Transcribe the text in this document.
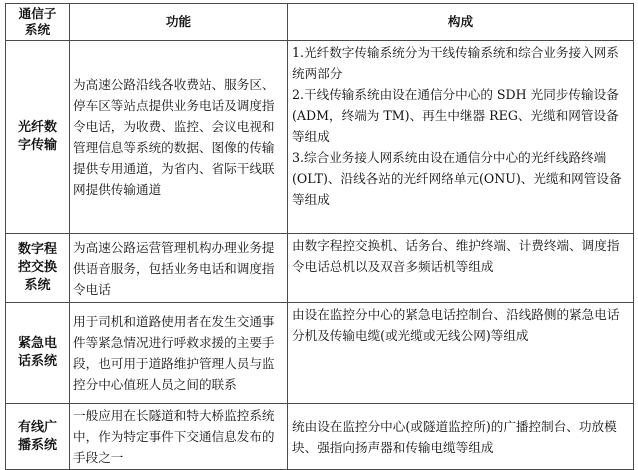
通信子系统	功能	构成
光纤数字传输	为高速公路沿线各收费站、服务区、停车区等站点提供业务电话及调度指令电话，为收费、监控、会议电视和管理信息等系统的数据、图像的传输提供专用通道，为省内、省际干线联网提供传输通道	1.光纤数字传输系统分为干线传输系统和综合业务接入网系统两部分
2.干线传输系统由设在通信分中心的 SDH 光同步传输设备(ADM，终端为 TM)、再生中继器 REG、光缆和网管设备等组成
3.综合业务接人网系统由设在通信分中心的光纤线路终端(OLT)、沿线各站的光纤网络单元(ONU)、光缆和网管设备等组成

数字程控交换系统	为高速公路运营管理机构办理业务提供语音服务，包括业务电话和调度指令电话	由数字程控交换机、话务台、维护终端、计费终端、调度指令电话总机以及双音多频话机等组成
紧急电话系统	用于司机和道路使用者在发生交通事件等紧急情况进行呼救求援的主要手段，也可用于道路维护管理人员与监控分中心值班人员之间的联系	由设在监控分中心的紧急电话控制台、沿线路侧的紧急电话分机及传输电缆(或光缆或无线公网)等组成
有线广播系统	一般应用在长隧道和特大桥监控系统中，作为特定事件下交通信息发布的手段之一	统由设在监控分中心(或隧道监控所)的广播控制台、功放模块、强指向扬声器和传输电缆等组成
